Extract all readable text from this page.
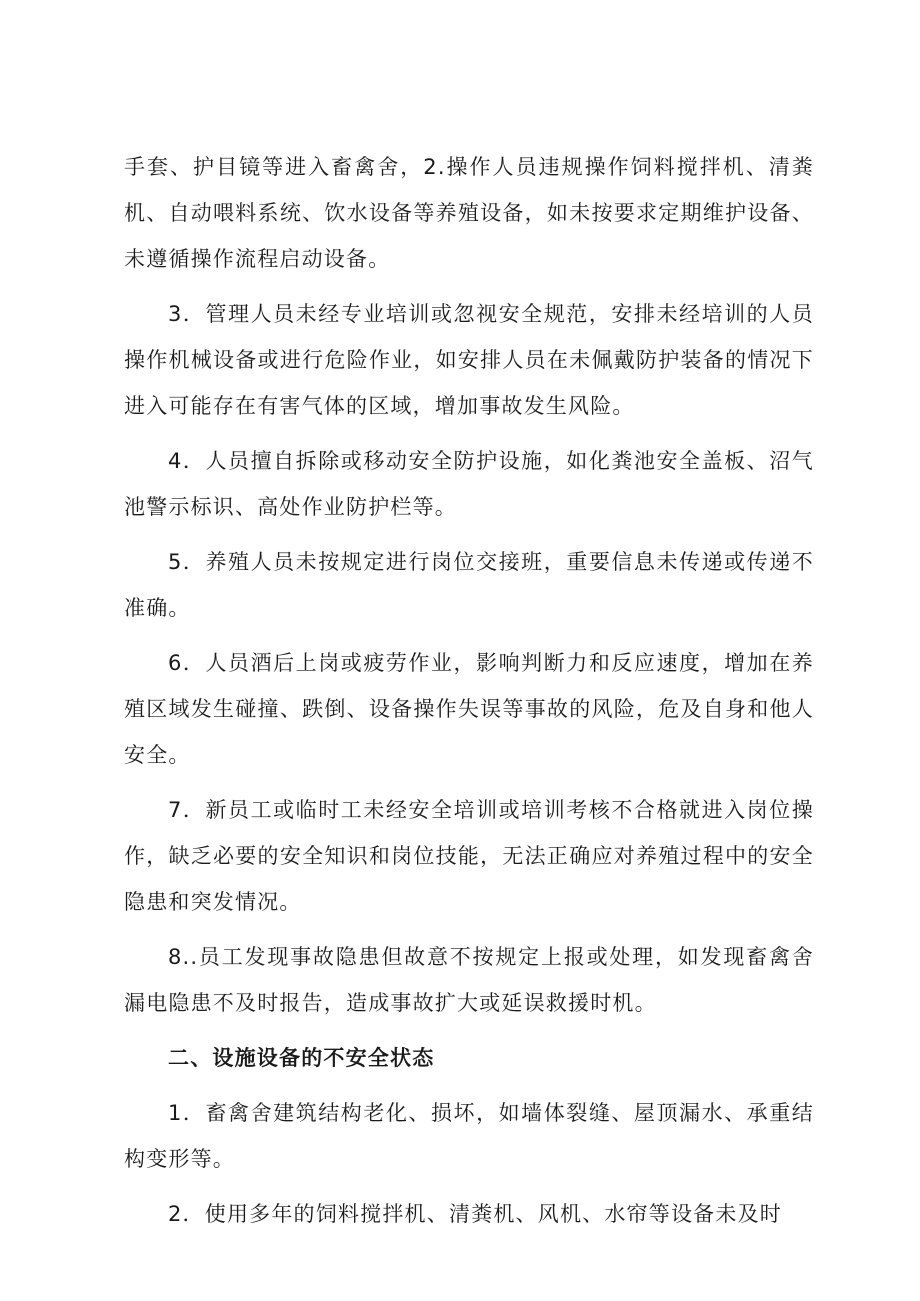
手套、护目镜等进入畜禽舍，2.操作人员违规操作饲料搅拌机、清粪机、自动喂料系统、饮水设备等养殖设备，如未按要求定期维护设备、未遵循操作流程启动设备。

3．管理人员未经专业培训或忽视安全规范，安排未经培训的人员操作机械设备或进行危险作业，如安排人员在未佩戴防护装备的情况下进入可能存在有害气体的区域，增加事故发生风险。

4．人员擅自拆除或移动安全防护设施，如化粪池安全盖板、沼气池警示标识、高处作业防护栏等。

5．养殖人员未按规定进行岗位交接班，重要信息未传递或传递不准确。

6．人员酒后上岗或疲劳作业，影响判断力和反应速度，增加在养殖区域发生碰撞、跌倒、设备操作失误等事故的风险，危及自身和他人安全。

7．新员工或临时工未经安全培训或培训考核不合格就进入岗位操作，缺乏必要的安全知识和岗位技能，无法正确应对养殖过程中的安全隐患和突发情况。

8..员工发现事故隐患但故意不按规定上报或处理，如发现畜禽舍漏电隐患不及时报告，造成事故扩大或延误救援时机。

二、设施设备的不安全状态

1．畜禽舍建筑结构老化、损坏，如墙体裂缝、屋顶漏水、承重结构变形等。

2．使用多年的饲料搅拌机、清粪机、风机、水帘等设备未及时
